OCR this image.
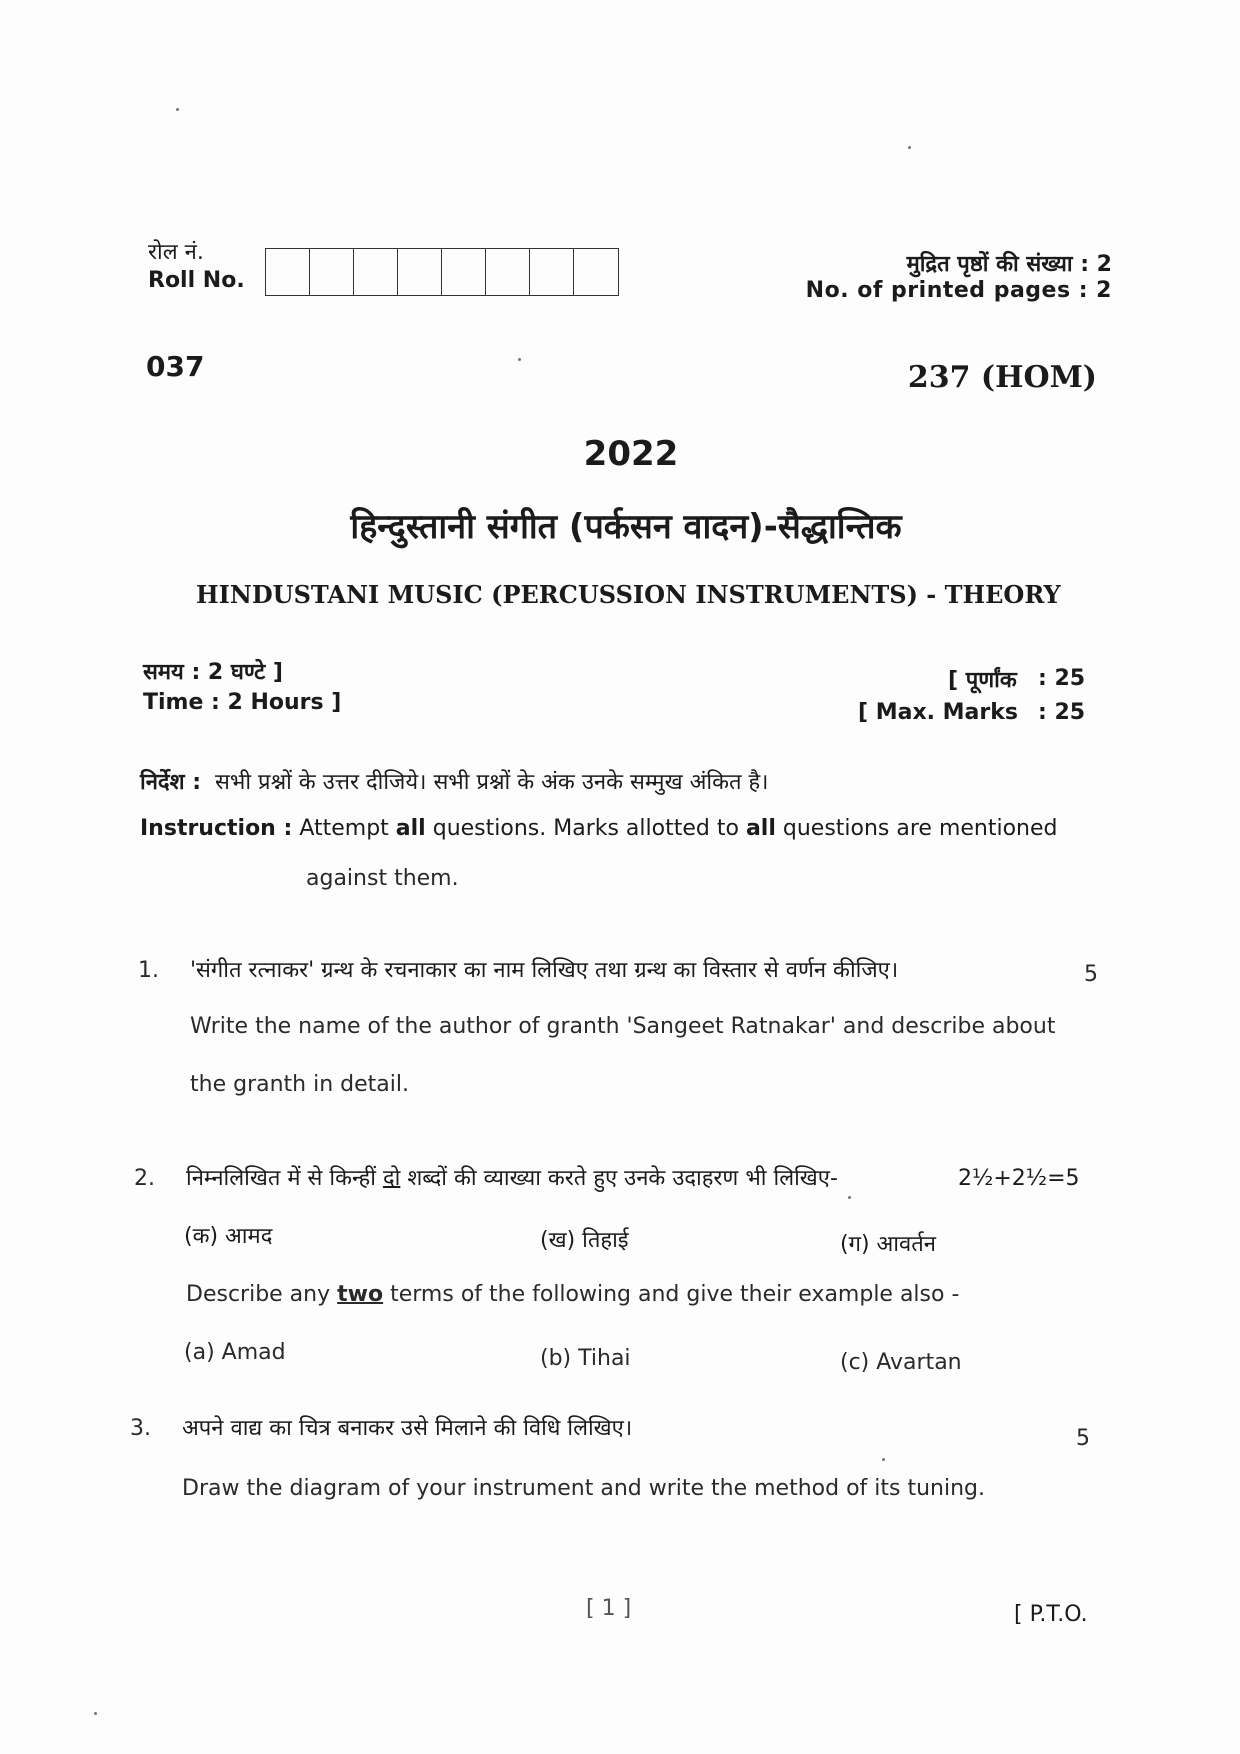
रोल नं.
Roll No.
मुद्रित पृष्ठों की संख्या : 2
No. of printed pages : 2
037	237 (HOM)
2022
हिन्दुस्तानी संगीत (पर्कसन वादन)-सैद्धान्तिक
HINDUSTANI MUSIC (PERCUSSION INSTRUMENTS) - THEORY
समय : 2 घण्टे ]
Time : 2 Hours ]
[ पूर्णांक : 25
[ Max. Marks : 25
निर्देश : सभी प्रश्नों के उत्तर दीजिये। सभी प्रश्नों के अंक उनके सम्मुख अंकित है।
Instruction : Attempt all questions. Marks allotted to all questions are mentioned
against them.
1. 'संगीत रत्नाकर' ग्रन्थ के रचनाकार का नाम लिखिए तथा ग्रन्थ का विस्तार से वर्णन कीजिए।	5
Write the name of the author of granth 'Sangeet Ratnakar' and describe about
the granth in detail.
2. निम्नलिखित में से किन्हीं दो शब्दों की व्याख्या करते हुए उनके उदाहरण भी लिखिए-	2½+2½=5
(क) आमद	(ख) तिहाई	(ग) आवर्तन
Describe any two terms of the following and give their example also -
(a) Amad	(b) Tihai	(c) Avartan
3. अपने वाद्य का चित्र बनाकर उसे मिलाने की विधि लिखिए।	5
Draw the diagram of your instrument and write the method of its tuning.
[ 1 ]	[ P.T.O.
